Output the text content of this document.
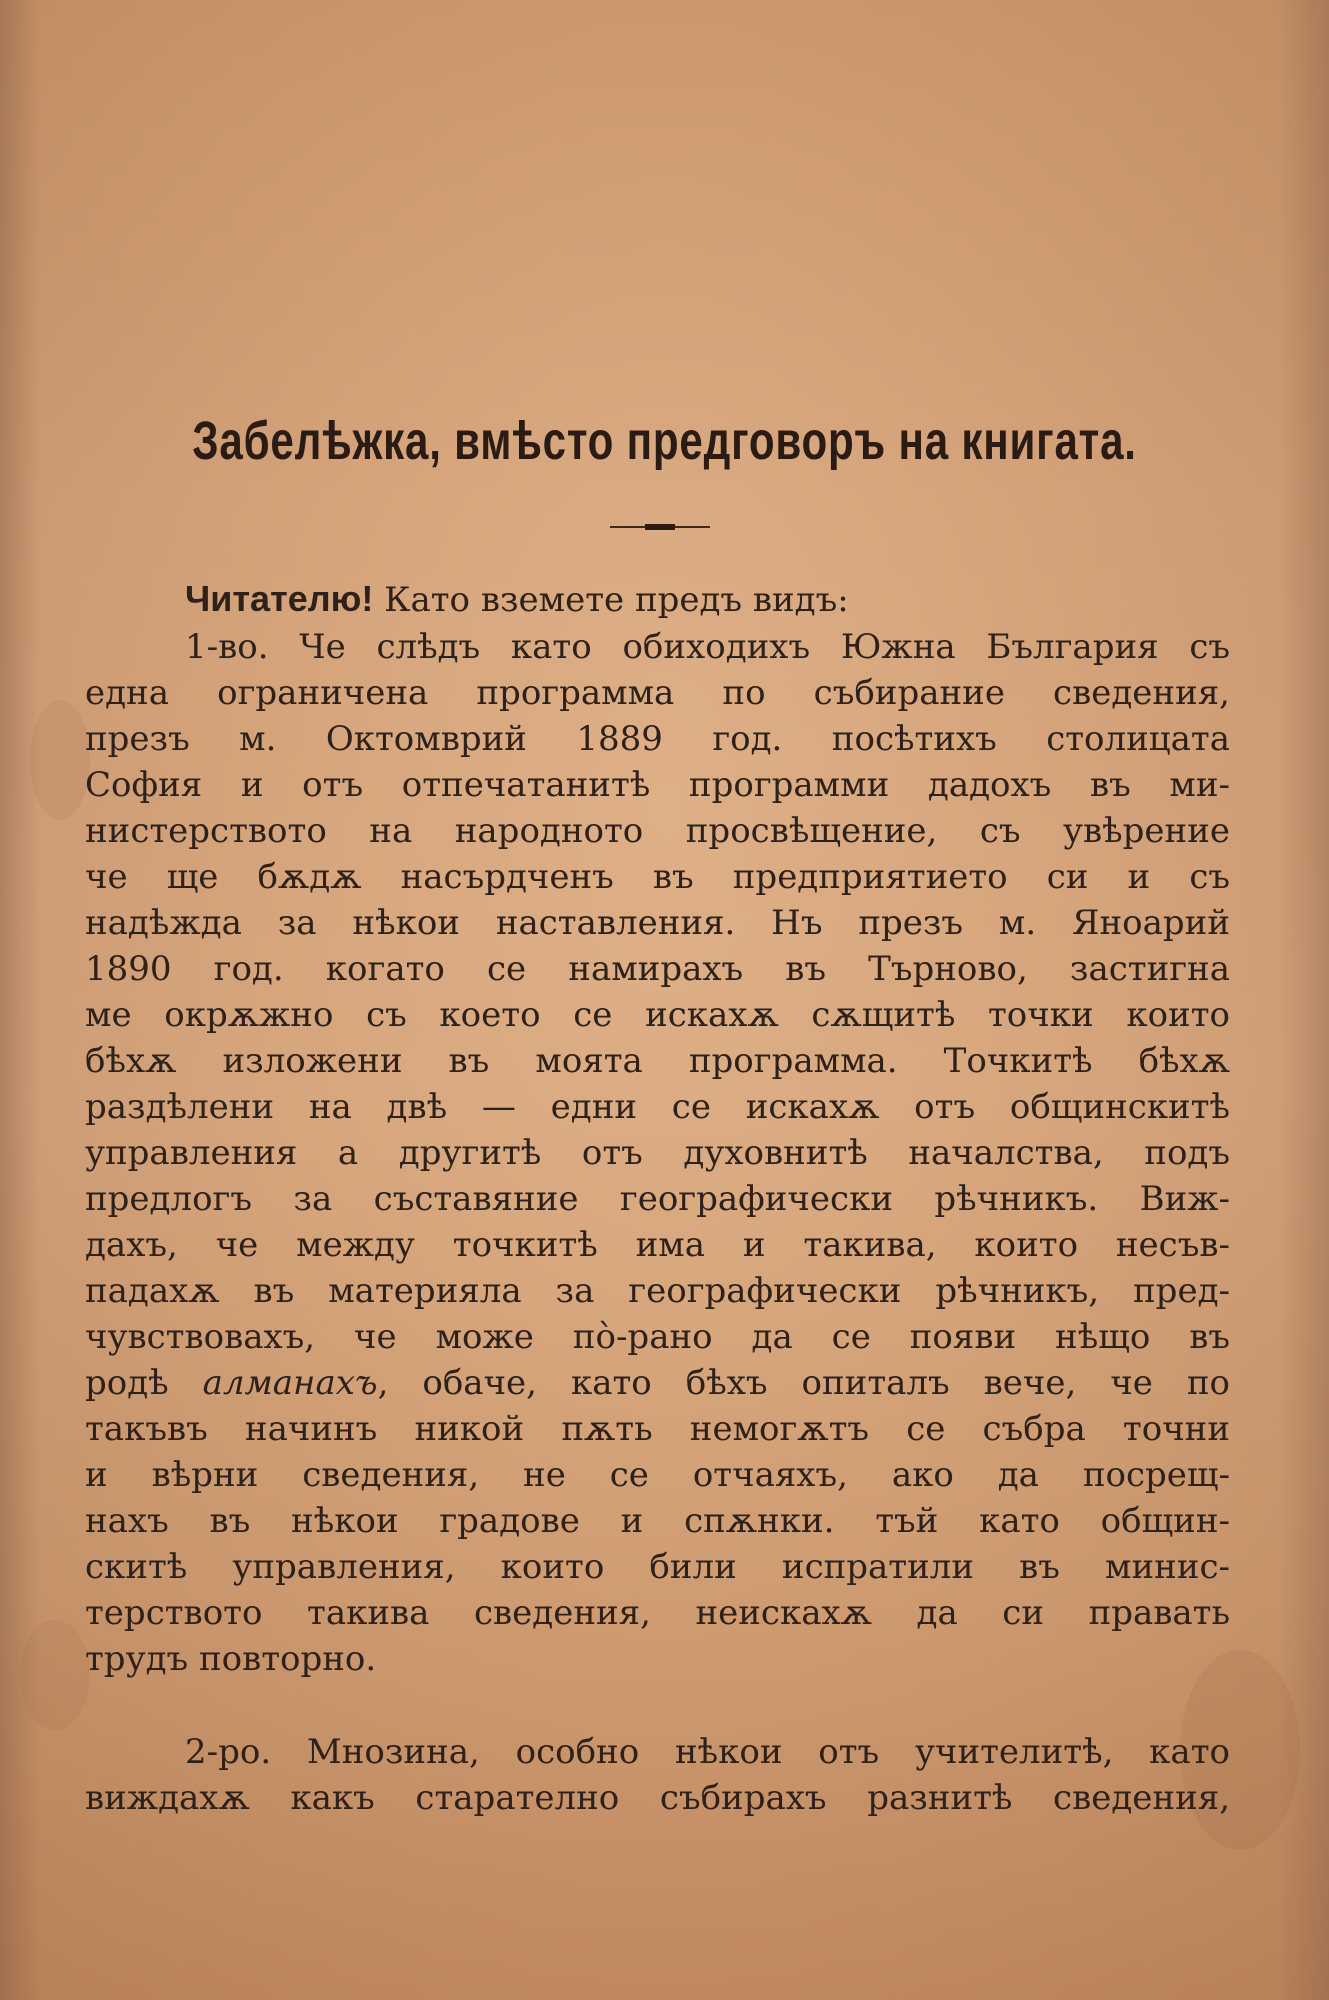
Забелѣжка, вмѣсто предговоръ на книгата.
Читателю! Като вземете предъ видъ:
1-во. Че слѣдъ като обиходихъ Южна България съ
една ограничена программа по събирание сведения,
презъ м. Октомврий 1889 год. посѣтихъ столицата
София и отъ отпечатанитѣ программи дадохъ въ ми-
нистерството на народното просвѣщение, съ увѣрение
че ще бѫдѫ насърдченъ въ предприятието си и съ
надѣжда за нѣкои наставления. Нъ презъ м. Яноарий
1890 год. когато се намирахъ въ Търново, застигна
ме окрѫжно съ което се искахѫ сѫщитѣ точки които
бѣхѫ изложени въ моята программа. Точкитѣ бѣхѫ
раздѣлени на двѣ — едни се искахѫ отъ общинскитѣ
управления а другитѣ отъ духовнитѣ началства, подъ
предлогъ за съставяние географически рѣчникъ. Виж-
дахъ, че между точкитѣ има и такива, които несъв-
падахѫ въ материяла за географически рѣчникъ, пред-
чувствовахъ, че може по̀-рано да се появи нѣщо въ
родѣ алманахъ, обаче, като бѣхъ опиталъ вече, че по
такъвъ начинъ никой пѫть немогѫтъ се събра точни
и вѣрни сведения, не се отчаяхъ, ако да посрещ-
нахъ въ нѣкои градове и спѫнки. тъй като общин-
скитѣ управления, които били испратили въ минис-
терството такива сведения, неискахѫ да си правать
трудъ повторно.
2-ро. Мнозина, особно нѣкои отъ учителитѣ, като
виждахѫ какъ старателно събирахъ разнитѣ сведения,
